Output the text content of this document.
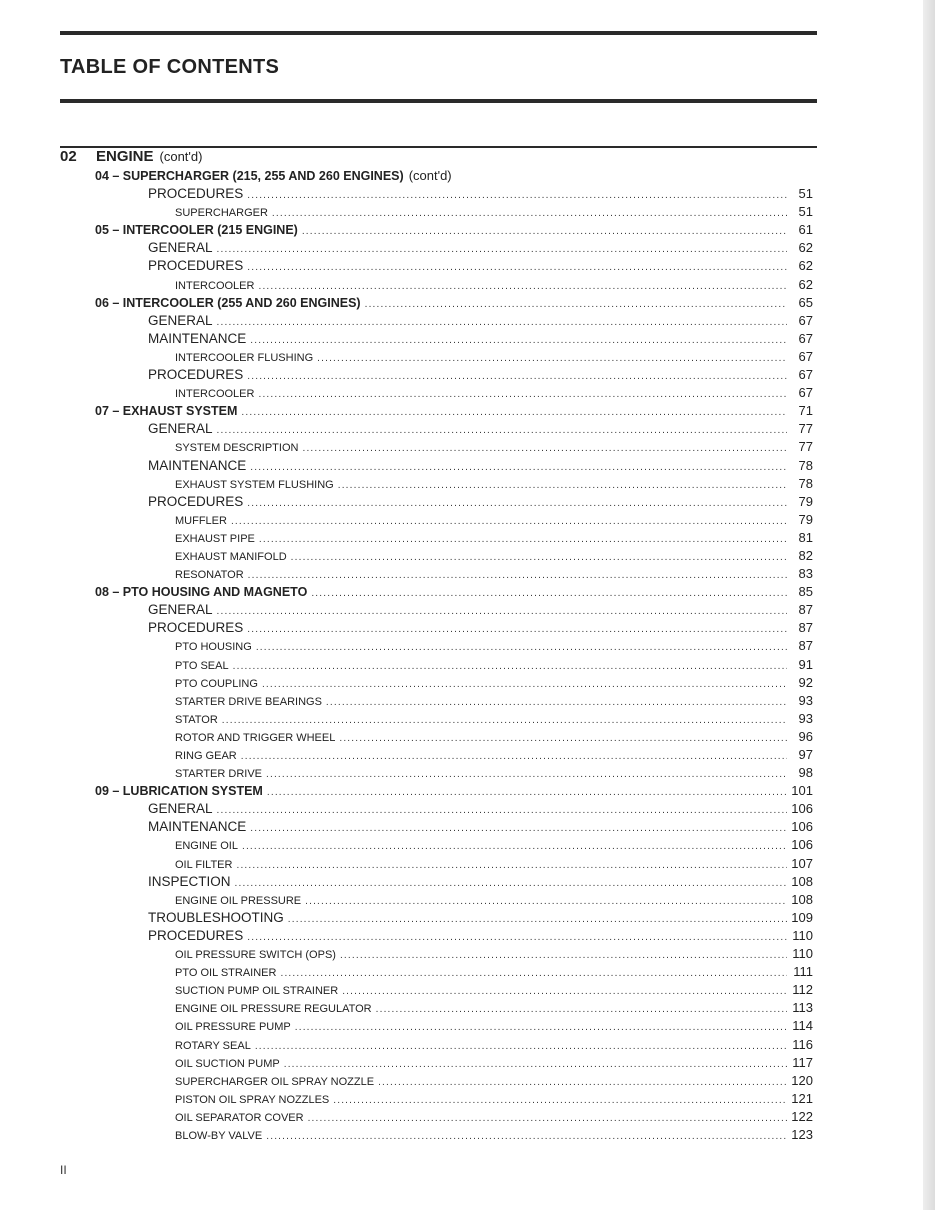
TABLE OF CONTENTS
02	ENGINE (cont'd)
04 – SUPERCHARGER (215, 255 AND 260 ENGINES) (cont'd)
PROCEDURES .....	51
SUPERCHARGER .....	51
05 – INTERCOOLER (215 ENGINE) .....	61
GENERAL .....	62
PROCEDURES .....	62
INTERCOOLER .....	62
06 – INTERCOOLER (255 AND 260 ENGINES) .....	65
GENERAL .....	67
MAINTENANCE .....	67
INTERCOOLER FLUSHING .....	67
PROCEDURES .....	67
INTERCOOLER .....	67
07 – EXHAUST SYSTEM .....	71
GENERAL .....	77
SYSTEM DESCRIPTION .....	77
MAINTENANCE .....	78
EXHAUST SYSTEM FLUSHING .....	78
PROCEDURES .....	79
MUFFLER .....	79
EXHAUST PIPE .....	81
EXHAUST MANIFOLD .....	82
RESONATOR .....	83
08 – PTO HOUSING AND MAGNETO .....	85
GENERAL .....	87
PROCEDURES .....	87
PTO HOUSING .....	87
PTO SEAL .....	91
PTO COUPLING .....	92
STARTER DRIVE BEARINGS .....	93
STATOR .....	93
ROTOR AND TRIGGER WHEEL .....	96
RING GEAR .....	97
STARTER DRIVE .....	98
09 – LUBRICATION SYSTEM .....	101
GENERAL .....	106
MAINTENANCE .....	106
ENGINE OIL .....	106
OIL FILTER .....	107
INSPECTION .....	108
ENGINE OIL PRESSURE .....	108
TROUBLESHOOTING .....	109
PROCEDURES .....	110
OIL PRESSURE SWITCH (OPS) .....	110
PTO OIL STRAINER .....	111
SUCTION PUMP OIL STRAINER .....	112
ENGINE OIL PRESSURE REGULATOR .....	113
OIL PRESSURE PUMP .....	114
ROTARY SEAL .....	116
OIL SUCTION PUMP .....	117
SUPERCHARGER OIL SPRAY NOZZLE .....	120
PISTON OIL SPRAY NOZZLES .....	121
OIL SEPARATOR COVER .....	122
BLOW-BY VALVE .....	123
II
